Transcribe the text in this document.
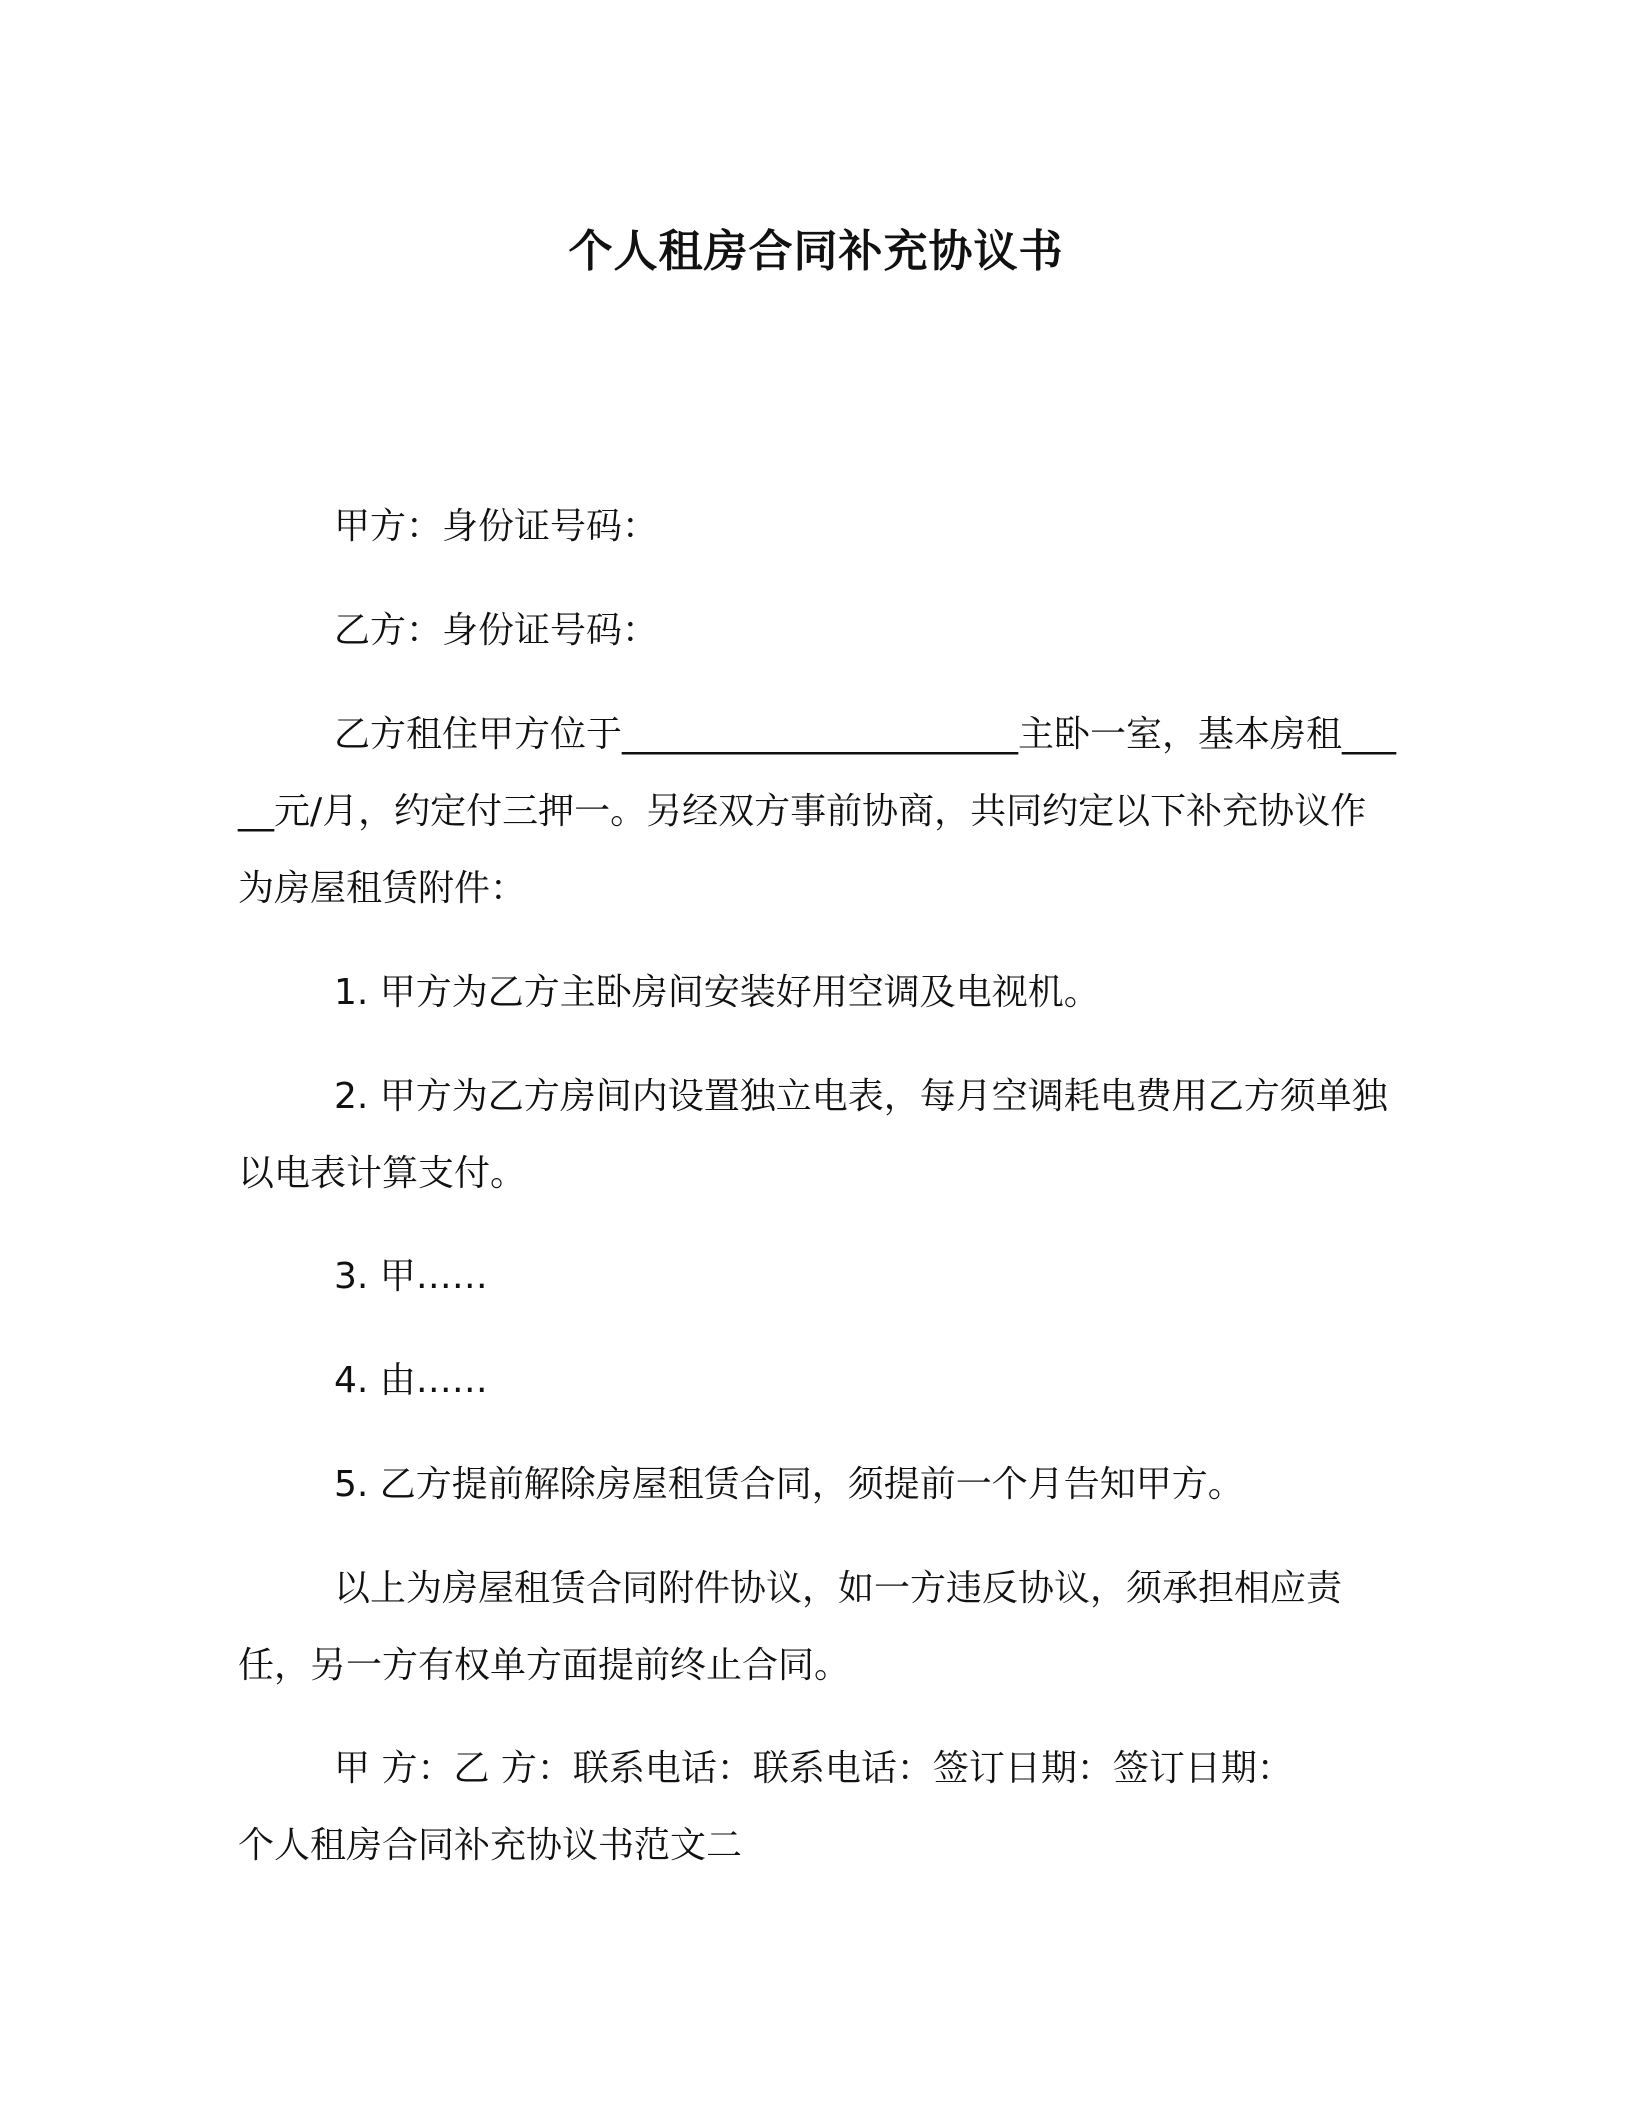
个人租房合同补充协议书

甲方：身份证号码：

乙方：身份证号码：

乙方租住甲方位于______________________主卧一室，基本房租_____元/月，约定付三押一。另经双方事前协商，共同约定以下补充协议作为房屋租赁附件：

1. 甲方为乙方主卧房间安装好用空调及电视机。

2. 甲方为乙方房间内设置独立电表，每月空调耗电费用乙方须单独以电表计算支付。

3. 甲……

4. 由……

5. 乙方提前解除房屋租赁合同，须提前一个月告知甲方。

以上为房屋租赁合同附件协议，如一方违反协议，须承担相应责任，另一方有权单方面提前终止合同。

甲 方：乙 方：联系电话：联系电话：签订日期：签订日期：

个人租房合同补充协议书范文二
